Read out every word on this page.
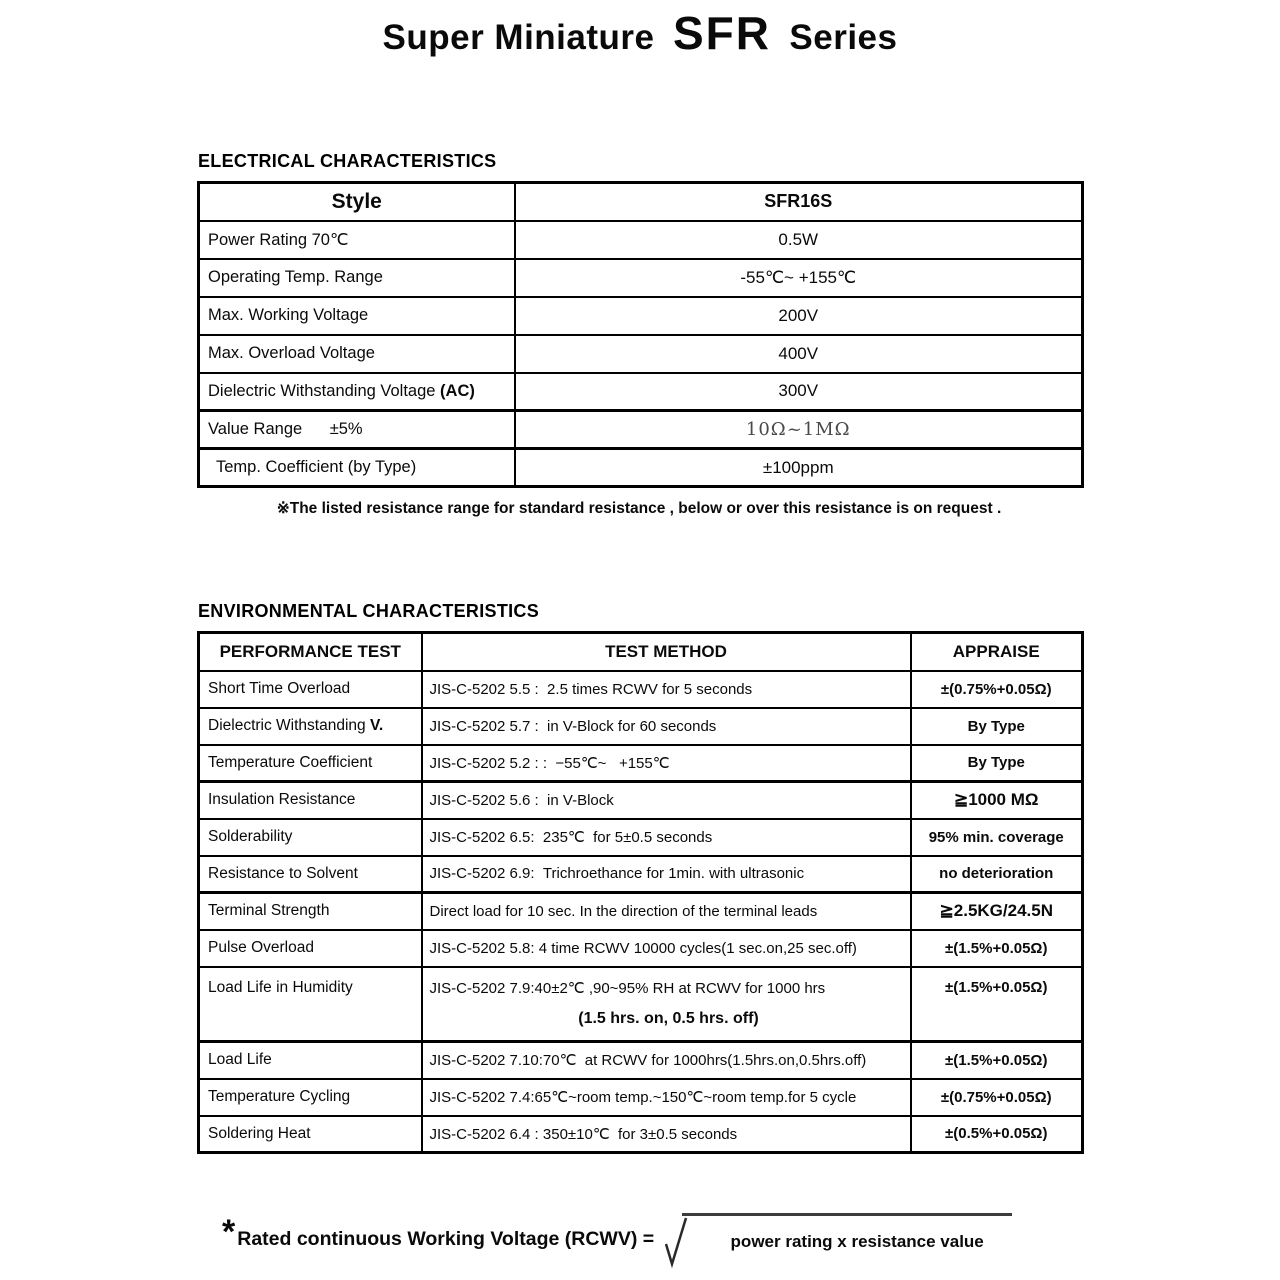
Super Miniature SFR Series
ELECTRICAL CHARACTERISTICS
Style	SFR16S
Power Rating 70℃	0.5W
Operating Temp. Range	-55℃~ +155℃
Max. Working Voltage	200V
Max. Overload Voltage	400V
Dielectric Withstanding Voltage (AC)	300V
Value Range      ±5%	10Ω~1MΩ
Temp. Coefficient (by Type)	±100ppm
※The listed resistance range for standard resistance , below or over this resistance is on request .
ENVIRONMENTAL CHARACTERISTICS
PERFORMANCE TEST	TEST METHOD	APPRAISE
Short Time Overload	JIS-C-5202 5.5 :  2.5 times RCWV for 5 seconds	±(0.75%+0.05Ω)
Dielectric Withstanding V.	JIS-C-5202 5.7 :  in V-Block for 60 seconds	By Type
Temperature Coefficient	JIS-C-5202 5.2 : :  −55℃~   +155℃	By Type
Insulation Resistance	JIS-C-5202 5.6 :  in V-Block	≧1000 MΩ
Solderability	JIS-C-5202 6.5:  235℃  for 5±0.5 seconds	95% min. coverage
Resistance to Solvent	JIS-C-5202 6.9:  Trichroethance for 1min. with ultrasonic	no deterioration
Terminal Strength	Direct load for 10 sec. In the direction of the terminal leads	≧2.5KG/24.5N
Pulse Overload	JIS-C-5202 5.8: 4 time RCWV 10000 cycles(1 sec.on,25 sec.off)	±(1.5%+0.05Ω)
Load Life in Humidity	JIS-C-5202 7.9:40±2℃ ,90~95% RH at RCWV for 1000 hrs
(1.5 hrs. on, 0.5 hrs. off)	±(1.5%+0.05Ω)
Load Life	JIS-C-5202 7.10:70℃  at RCWV for 1000hrs(1.5hrs.on,0.5hrs.off)	±(1.5%+0.05Ω)
Temperature Cycling	JIS-C-5202 7.4:65℃~room temp.~150℃~room temp.for 5 cycle	±(0.75%+0.05Ω)
Soldering Heat	JIS-C-5202 6.4 : 350±10℃  for 3±0.5 seconds	±(0.5%+0.05Ω)
* Rated continuous Working Voltage (RCWV) =	power rating x resistance value
